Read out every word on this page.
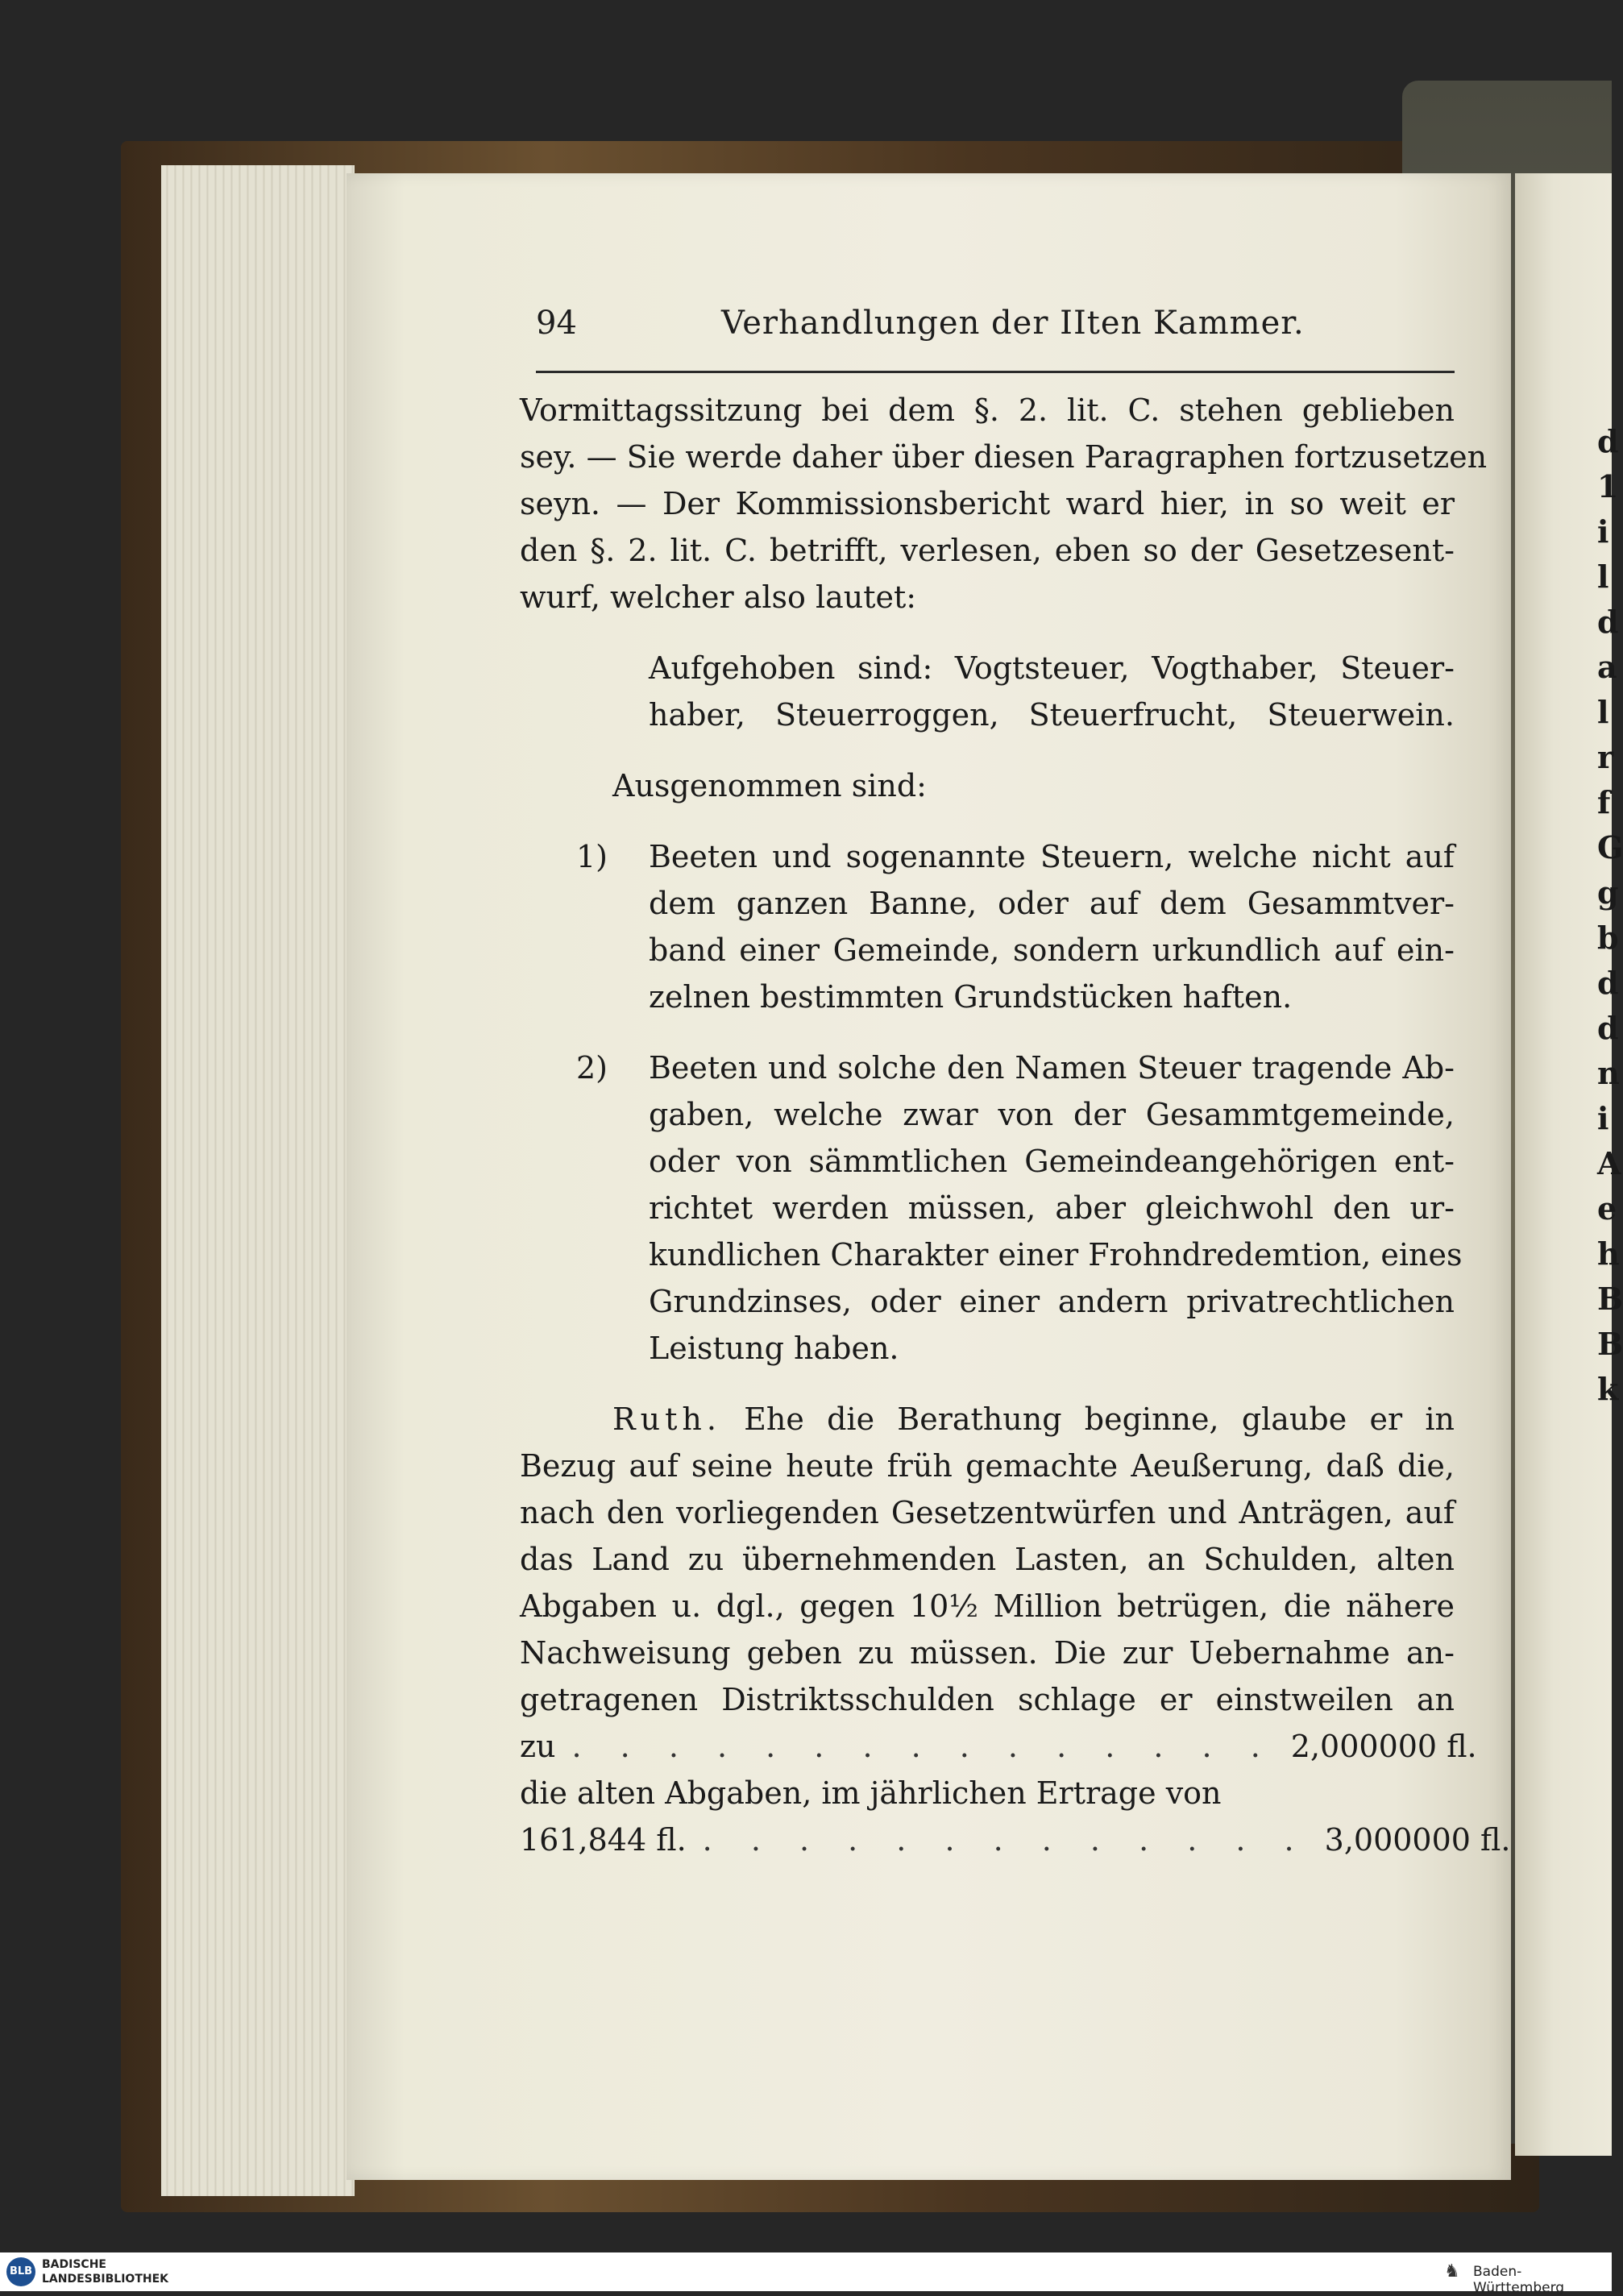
d
1
i
l
d
a
l
r
f
G
g
b
d
d
n
i
A
e
h
B
B
k
94	Verhandlungen der IIten Kammer.
Vormittagssitzung bei dem §. 2. lit. C. stehen geblieben
sey. — Sie werde daher über diesen Paragraphen fortzusetzen
seyn. — Der Kommissionsbericht ward hier, in so weit er
den §. 2. lit. C. betrifft, verlesen, eben so der Gesetzesent-
wurf, welcher also lautet:
Aufgehoben sind: Vogtsteuer, Vogthaber, Steuer-
haber, Steuerroggen, Steuerfrucht, Steuerwein.
Ausgenommen sind:
1) Beeten und sogenannte Steuern, welche nicht auf
dem ganzen Banne, oder auf dem Gesammtver-
band einer Gemeinde, sondern urkundlich auf ein-
zelnen bestimmten Grundstücken haften.
2) Beeten und solche den Namen Steuer tragende Ab-
gaben, welche zwar von der Gesammtgemeinde,
oder von sämmtlichen Gemeindeangehörigen ent-
richtet werden müssen, aber gleichwohl den ur-
kundlichen Charakter einer Frohndredemtion, eines
Grundzinses, oder einer andern privatrechtlichen
Leistung haben.
Ruth. Ehe die Berathung beginne, glaube er in
Bezug auf seine heute früh gemachte Aeußerung, daß die,
nach den vorliegenden Gesetzentwürfen und Anträgen, auf
das Land zu übernehmenden Lasten, an Schulden, alten
Abgaben u. dgl., gegen 10½ Million betrügen, die nähere
Nachweisung geben zu müssen. Die zur Uebernahme an-
getragenen Distriktsschulden schlage er einstweilen an
zu . . . . . . . . . . . . . . . 2,000000 fl.
die alten Abgaben, im jährlichen Ertrage von
161,844 fl. . . . . . . . . . . . . . 3,000000 fl.
BLB
BADISCHE
LANDESBIBLIOTHEK	♞ Baden-Württemberg
